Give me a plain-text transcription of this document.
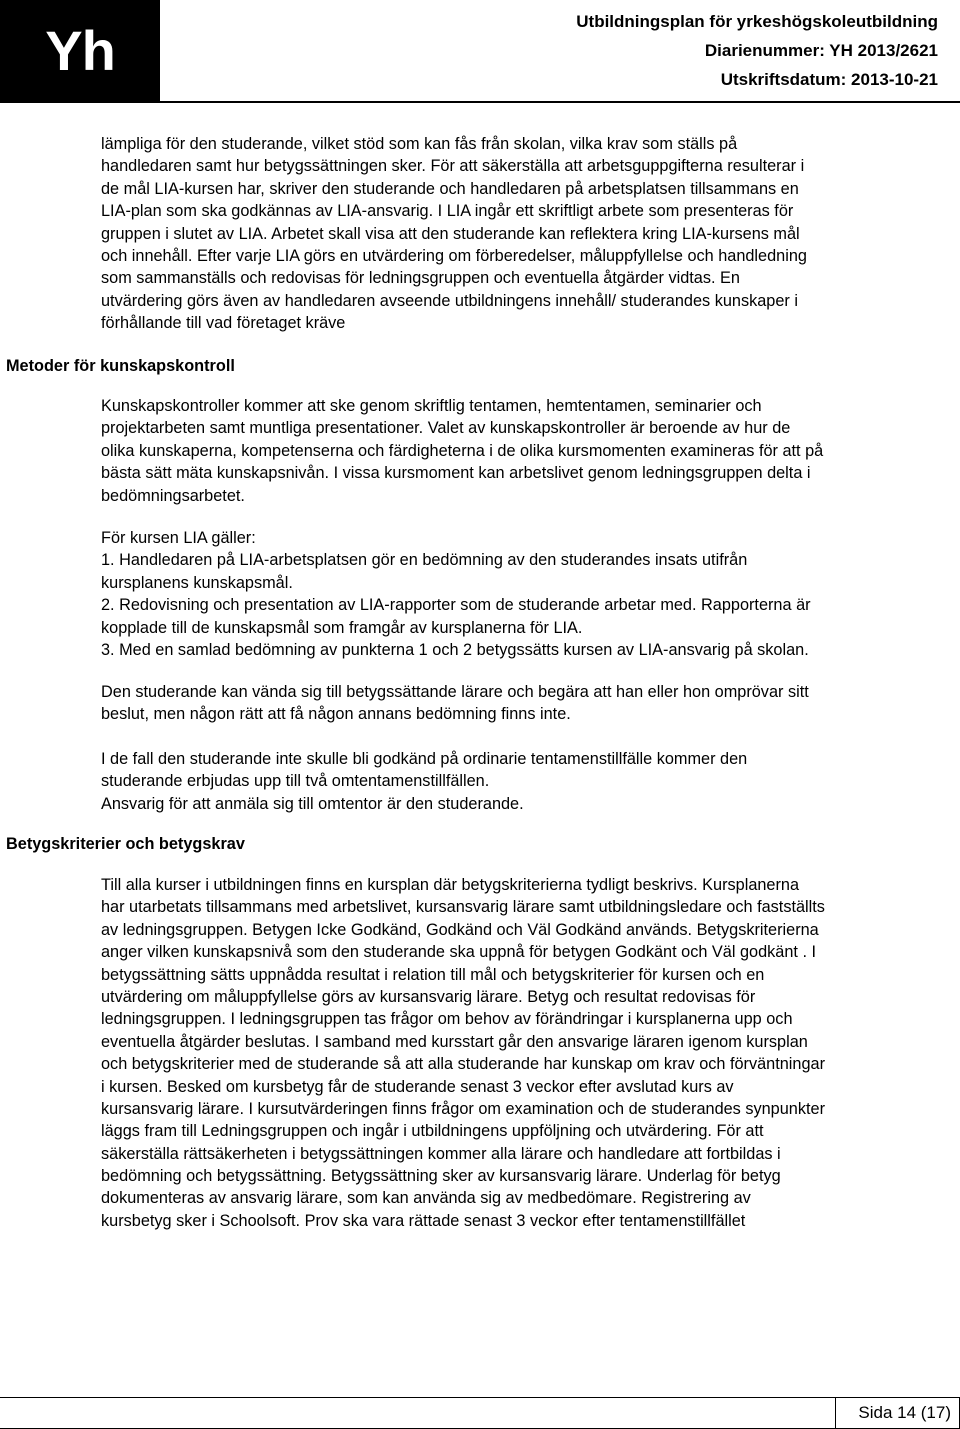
Yh	Utbildningsplan för yrkeshögskoleutbildning
Diarienummer: YH 2013/2621
Utskriftsdatum: 2013-10-21
lämpliga för den studerande, vilket stöd som kan fås från skolan, vilka krav som ställs på
handledaren samt hur betygssättningen sker. För att säkerställa att arbetsguppgifterna resulterar i
de mål LIA-kursen har, skriver den studerande och handledaren på arbetsplatsen tillsammans en
LIA-plan som ska godkännas av LIA-ansvarig. I LIA ingår ett skriftligt arbete som presenteras för
gruppen i slutet av LIA. Arbetet skall visa att den studerande kan reflektera kring LIA-kursens mål
och innehåll. Efter varje LIA görs en utvärdering om förberedelser, måluppfyllelse och handledning
som sammanställs och redovisas för ledningsgruppen och eventuella åtgärder vidtas. En
utvärdering görs även av handledaren avseende utbildningens innehåll/ studerandes kunskaper i
förhållande till vad företaget kräve
Metoder för kunskapskontroll
Kunskapskontroller kommer att ske genom skriftlig tentamen, hemtentamen, seminarier och
projektarbeten samt muntliga presentationer. Valet av kunskapskontroller är beroende av hur de
olika kunskaperna, kompetenserna och färdigheterna i de olika kursmomenten examineras för att på
bästa sätt mäta kunskapsnivån. I vissa kursmoment kan arbetslivet genom ledningsgruppen delta i
bedömningsarbetet.
För kursen LIA gäller:
1. Handledaren på LIA-arbetsplatsen gör en bedömning av den studerandes insats utifrån
kursplanens kunskapsmål.
2. Redovisning och presentation av LIA-rapporter som de studerande arbetar med. Rapporterna är
kopplade till de kunskapsmål som framgår av kursplanerna för LIA.
3. Med en samlad bedömning av punkterna 1 och 2 betygssätts kursen av LIA-ansvarig på skolan.
Den studerande kan vända sig till betygssättande lärare och begära att han eller hon omprövar sitt
beslut, men någon rätt att få någon annans bedömning finns inte.
I de fall den studerande inte skulle bli godkänd på ordinarie tentamenstillfälle kommer den
studerande erbjudas upp till två omtentamenstillfällen.
Ansvarig för att anmäla sig till omtentor är den studerande.
Betygskriterier och betygskrav
Till alla kurser i utbildningen finns en kursplan där betygskriterierna tydligt beskrivs. Kursplanerna
har utarbetats tillsammans med arbetslivet, kursansvarig lärare samt utbildningsledare och fastställts
av ledningsgruppen. Betygen Icke Godkänd, Godkänd och Väl Godkänd används. Betygskriterierna
anger vilken kunskapsnivå som den studerande ska uppnå för betygen Godkänt och Väl godkänt . I
betygssättning sätts uppnådda resultat i relation till mål och betygskriterier för kursen och en
utvärdering om måluppfyllelse görs av kursansvarig lärare. Betyg och resultat redovisas för
ledningsgruppen. I ledningsgruppen tas frågor om behov av förändringar i kursplanerna upp och
eventuella åtgärder beslutas. I samband med kursstart går den ansvarige läraren igenom kursplan
och betygskriterier med de studerande så att alla studerande har kunskap om krav och förväntningar
i kursen. Besked om kursbetyg får de studerande senast 3 veckor efter avslutad kurs av
kursansvarig lärare. I kursutvärderingen finns frågor om examination och de studerandes synpunkter
läggs fram till Ledningsgruppen och ingår i utbildningens uppföljning och utvärdering. För att
säkerställa rättsäkerheten i betygssättningen kommer alla lärare och handledare att fortbildas i
bedömning och betygssättning. Betygssättning sker av kursansvarig lärare. Underlag för betyg
dokumenteras av ansvarig lärare, som kan använda sig av medbedömare. Registrering av
kursbetyg sker i Schoolsoft. Prov ska vara rättade senast 3 veckor efter tentamenstillfället
Sida 14 (17)
